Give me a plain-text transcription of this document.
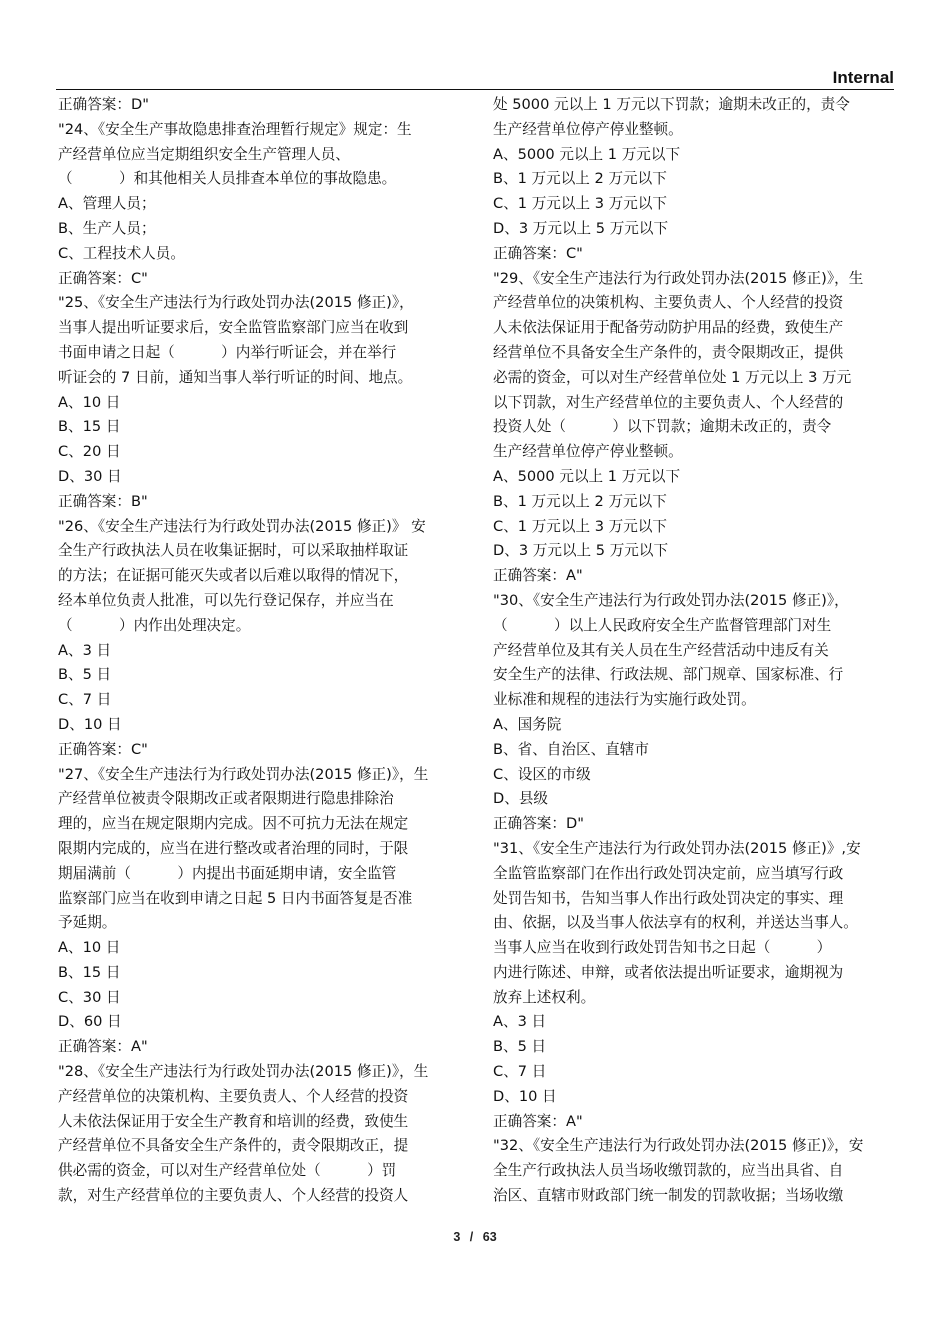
Internal
正确答案：D"
"24、《安全生产事故隐患排查治理暂行规定》规定：生
产经营单位应当定期组织安全生产管理人员、
（          ）和其他相关人员排查本单位的事故隐患。
A、管理人员；
B、生产人员；
C、工程技术人员。
正确答案：C"
"25、《安全生产违法行为行政处罚办法(2015 修正)》，
当事人提出听证要求后，安全监管监察部门应当在收到
书面申请之日起（          ）内举行听证会，并在举行
听证会的 7 日前，通知当事人举行听证的时间、地点。
A、10 日
B、15 日
C、20 日
D、30 日
正确答案：B"
"26、《安全生产违法行为行政处罚办法(2015 修正)》 安
全生产行政执法人员在收集证据时，可以采取抽样取证
的方法；在证据可能灭失或者以后难以取得的情况下，
经本单位负责人批准，可以先行登记保存，并应当在
（          ）内作出处理决定。
A、3 日
B、5 日
C、7 日
D、10 日
正确答案：C"
"27、《安全生产违法行为行政处罚办法(2015 修正)》，生
产经营单位被责令限期改正或者限期进行隐患排除治
理的，应当在规定限期内完成。因不可抗力无法在规定
限期内完成的，应当在进行整改或者治理的同时，于限
期届满前（          ）内提出书面延期申请，安全监管
监察部门应当在收到申请之日起 5 日内书面答复是否准
予延期。
A、10 日
B、15 日
C、30 日
D、60 日
正确答案：A"
"28、《安全生产违法行为行政处罚办法(2015 修正)》，生
产经营单位的决策机构、主要负责人、个人经营的投资
人未依法保证用于安全生产教育和培训的经费，致使生
产经营单位不具备安全生产条件的，责令限期改正，提
供必需的资金，可以对生产经营单位处（          ）罚
款，对生产经营单位的主要负责人、个人经营的投资人
处 5000 元以上 1 万元以下罚款；逾期未改正的，责令
生产经营单位停产停业整顿。
A、5000 元以上 1 万元以下
B、1 万元以上 2 万元以下
C、1 万元以上 3 万元以下
D、3 万元以上 5 万元以下
正确答案：C"
"29、《安全生产违法行为行政处罚办法(2015 修正)》，生
产经营单位的决策机构、主要负责人、个人经营的投资
人未依法保证用于配备劳动防护用品的经费，致使生产
经营单位不具备安全生产条件的，责令限期改正，提供
必需的资金，可以对生产经营单位处 1 万元以上 3 万元
以下罚款，对生产经营单位的主要负责人、个人经营的
投资人处（          ）以下罚款；逾期未改正的，责令
生产经营单位停产停业整顿。
A、5000 元以上 1 万元以下
B、1 万元以上 2 万元以下
C、1 万元以上 3 万元以下
D、3 万元以上 5 万元以下
正确答案：A"
"30、《安全生产违法行为行政处罚办法(2015 修正)》，
（          ）以上人民政府安全生产监督管理部门对生
产经营单位及其有关人员在生产经营活动中违反有关
安全生产的法律、行政法规、部门规章、国家标准、行
业标准和规程的违法行为实施行政处罚。
A、国务院
B、省、自治区、直辖市
C、设区的市级
D、县级
正确答案：D"
"31、《安全生产违法行为行政处罚办法(2015 修正)》,安
全监管监察部门在作出行政处罚决定前，应当填写行政
处罚告知书，告知当事人作出行政处罚决定的事实、理
由、依据，以及当事人依法享有的权利，并送达当事人。
当事人应当在收到行政处罚告知书之日起（          ）
内进行陈述、申辩，或者依法提出听证要求，逾期视为
放弃上述权利。
A、3 日
B、5 日
C、7 日
D、10 日
正确答案：A"
"32、《安全生产违法行为行政处罚办法(2015 修正)》，安
全生产行政执法人员当场收缴罚款的，应当出具省、自
治区、直辖市财政部门统一制发的罚款收据；当场收缴
3 / 63
